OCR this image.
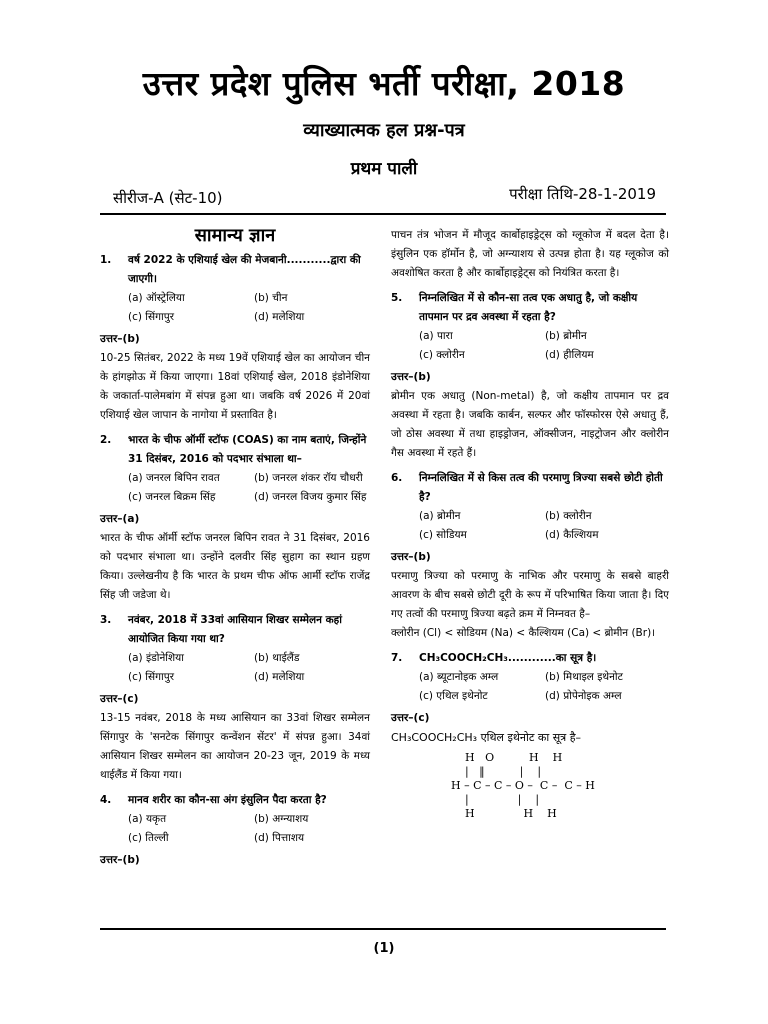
उत्तर प्रदेश पुलिस भर्ती परीक्षा, 2018
व्याख्यात्मक हल प्रश्न-पत्र
प्रथम पाली
सीरीज-A (सेट-10)	परीक्षा तिथि-28-1-2019
सामान्य ज्ञान
1.	वर्ष 2022 के एशियाई खेल की मेजबानी...........द्वारा की जाएगी।
(a) ऑस्ट्रेलिया	(b) चीन
(c) सिंगापुर	(d) मलेशिया
उत्तर–(b)

10-25 सितंबर, 2022 के मध्य 19वें एशियाई खेल का आयोजन चीन के हांगझोऊ में किया जाएगा। 18वां एशियाई खेल, 2018 इंडोनेशिया के जकार्ता-पालेमबांग में संपन्न हुआ था। जबकि वर्ष 2026 में 20वां एशियाई खेल जापान के नागोया में प्रस्तावित है।

2.	भारत के चीफ ऑर्मी स्टॉफ (COAS) का नाम बताएं, जिन्होंने 31 दिसंबर, 2016 को पदभार संभाला था–
(a) जनरल बिपिन रावत	(b) जनरल शंकर रॉय चौधरी
(c) जनरल बिक्रम सिंह	(d) जनरल विजय कुमार सिंह
उत्तर–(a)

भारत के चीफ ऑर्मी स्टॉफ जनरल बिपिन रावत ने 31 दिसंबर, 2016 को पदभार संभाला था। उन्होंने दलवीर सिंह सुहाग का स्थान ग्रहण किया। उल्लेखनीय है कि भारत के प्रथम चीफ ऑफ आर्मी स्टॉफ राजेंद्र सिंह जी जडेजा थे।

3.	नवंबर, 2018 में 33वां आसियान शिखर सम्मेलन कहां आयोजित किया गया था?
(a) इंडोनेशिया	(b) थाईलैंड
(c) सिंगापुर	(d) मलेशिया
उत्तर–(c)

13-15 नवंबर, 2018 के मध्य आसियान का 33वां शिखर सम्मेलन सिंगापुर के 'सनटेक सिंगापुर कन्वेंशन सेंटर' में संपन्न हुआ। 34वां आसियान शिखर सम्मेलन का आयोजन 20-23 जून, 2019 के मध्य थाईलैंड में किया गया।

4.	मानव शरीर का कौन-सा अंग इंसुलिन पैदा करता है?
(a) यकृत	(b) अग्न्याशय
(c) तिल्ली	(d) पित्ताशय
उत्तर–(b)

पाचन तंत्र भोजन में मौजूद कार्बोहाइड्रेट्स को ग्लूकोज में बदल देता है। इंसुलिन एक हॉर्मोन है, जो अग्न्याशय से उत्पन्न होता है। यह ग्लूकोज को अवशोषित करता है और कार्बोहाइड्रेट्स को नियंत्रित करता है।

5.	निम्नलिखित में से कौन-सा तत्व एक अधातु है, जो कक्षीय तापमान पर द्रव अवस्था में रहता है?
(a) पारा	(b) ब्रोमीन
(c) क्लोरीन	(d) हीलियम
उत्तर–(b)

ब्रोमीन एक अधातु (Non-metal) है, जो कक्षीय तापमान पर द्रव अवस्था में रहता है। जबकि कार्बन, सल्फर और फॉस्फोरस ऐसे अधातु हैं, जो ठोस अवस्था में तथा हाइड्रोजन, ऑक्सीजन, नाइट्रोजन और क्लोरीन गैस अवस्था में रहते हैं।

6.	निम्नलिखित में से किस तत्व की परमाणु त्रिज्या सबसे छोटी होती है?
(a) ब्रोमीन	(b) क्लोरीन
(c) सोडियम	(d) कैल्शियम
उत्तर–(b)

परमाणु त्रिज्या को परमाणु के नाभिक और परमाणु के सबसे बाहरी आवरण के बीच सबसे छोटी दूरी के रूप में परिभाषित किया जाता है। दिए गए तत्वों की परमाणु त्रिज्या बढ़ते क्रम में निम्नवत है–

क्लोरीन (Cl) < सोडियम (Na) < कैल्शियम (Ca) < ब्रोमीन (Br)।

7.	CH₃COOCH₂CH₃............का सूत्र है।
(a) ब्यूटानोइक अम्ल	(b) मिथाइल इथेनोट
(c) एथिल इथेनोट	(d) प्रोपेनोइक अम्ल
उत्तर–(c)

CH₃COOCH₂CH₃ एथिल इथेनोट का सूत्र है–

H   O          H    H
|   ‖          |    |
H – C – C – O –  C –  C – H
|              |    |
H              H    H
(1)
